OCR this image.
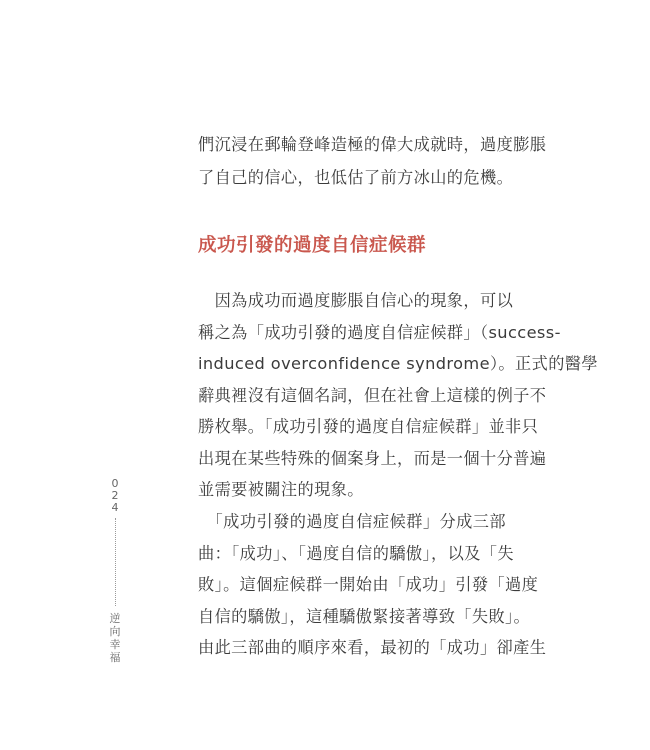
們沉浸在郵輪登峰造極的偉大成就時，過度膨脹
了自己的信心，也低估了前方冰山的危機。
成功引發的過度自信症候群
　因為成功而過度膨脹自信心的現象，可以
稱之為「成功引發的過度自信症候群」（success-
induced overconfidence syndrome）。正式的醫學
辭典裡沒有這個名詞，但在社會上這樣的例子不
勝枚舉。「成功引發的過度自信症候群」並非只
出現在某些特殊的個案身上，而是一個十分普遍
並需要被關注的現象。
　「成功引發的過度自信症候群」分成三部
曲：「成功」、「過度自信的驕傲」，以及「失
敗」。這個症候群一開始由「成功」引發「過度
自信的驕傲」，這種驕傲緊接著導致「失敗」。
由此三部曲的順序來看，最初的「成功」卻產生
0
2
4
逆
向
幸
福
